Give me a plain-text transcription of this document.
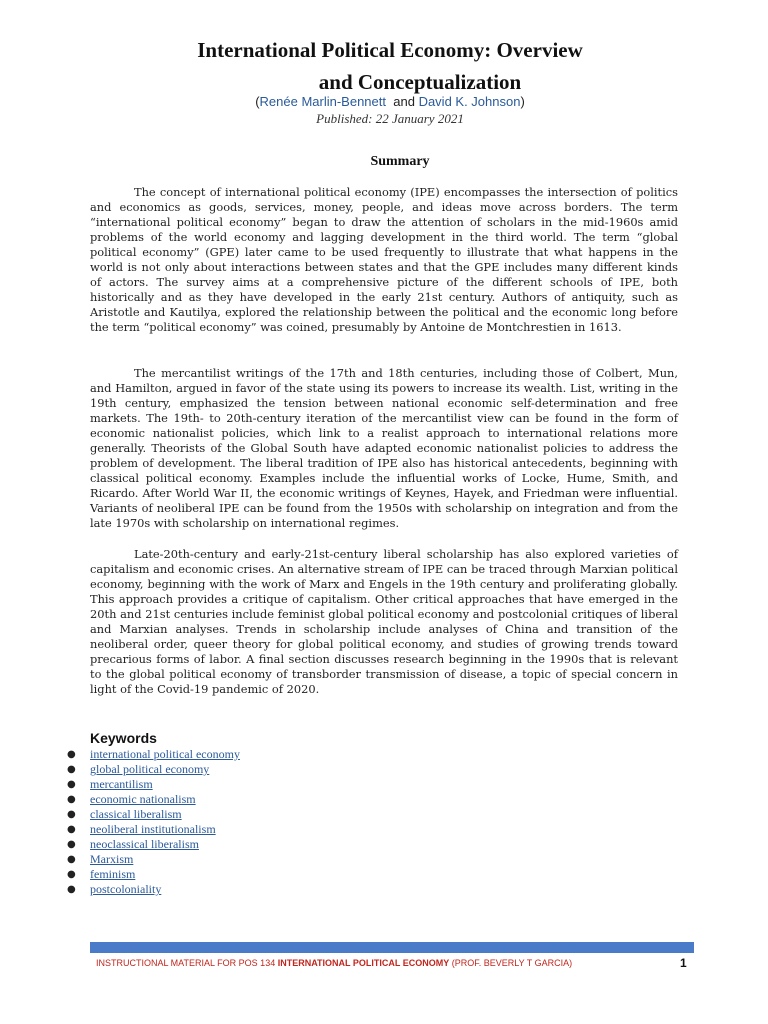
International Political Economy: Overview
and Conceptualization
(Renée Marlin-Bennett and David K. Johnson)
Published: 22 January 2021
Summary

The concept of international political economy (IPE) encompasses the intersection of politics and economics as goods, services, money, people, and ideas move across borders. The term “international political economy” began to draw the attention of scholars in the mid-1960s amid problems of the world economy and lagging development in the third world. The term “global political economy” (GPE) later came to be used frequently to illustrate that what happens in the world is not only about interactions between states and that the GPE includes many different kinds of actors. The survey aims at a comprehensive picture of the different schools of IPE, both historically and as they have developed in the early 21st century. Authors of antiquity, such as Aristotle and Kautilya, explored the relationship between the political and the economic long before the term “political economy” was coined, presumably by Antoine de Montchrestien in 1613.

The mercantilist writings of the 17th and 18th centuries, including those of Colbert, Mun, and Hamilton, argued in favor of the state using its powers to increase its wealth. List, writing in the 19th century, emphasized the tension between national economic self-determination and free markets. The 19th- to 20th-century iteration of the mercantilist view can be found in the form of economic nationalist policies, which link to a realist approach to international relations more generally. Theorists of the Global South have adapted economic nationalist policies to address the problem of development. The liberal tradition of IPE also has historical antecedents, beginning with classical political economy. Examples include the influential works of Locke, Hume, Smith, and Ricardo. After World War II, the economic writings of Keynes, Hayek, and Friedman were influential. Variants of neoliberal IPE can be found from the 1950s with scholarship on integration and from the late 1970s with scholarship on international regimes.

Late-20th-century and early-21st-century liberal scholarship has also explored varieties of capitalism and economic crises. An alternative stream of IPE can be traced through Marxian political economy, beginning with the work of Marx and Engels in the 19th century and proliferating globally. This approach provides a critique of capitalism. Other critical approaches that have emerged in the 20th and 21st centuries include feminist global political economy and postcolonial critiques of liberal and Marxian analyses. Trends in scholarship include analyses of China and transition of the neoliberal order, queer theory for global political economy, and studies of growing trends toward precarious forms of labor. A final section discusses research beginning in the 1990s that is relevant to the global political economy of transborder transmission of disease, a topic of special concern in light of the Covid-19 pandemic of 2020.

Keywords
● international political economy
● global political economy
● mercantilism
● economic nationalism
● classical liberalism
● neoliberal institutionalism
● neoclassical liberalism
● Marxism
● feminism
● postcoloniality
INSTRUCTIONAL MATERIAL FOR POS 134 INTERNATIONAL POLITICAL ECONOMY (PROF. BEVERLY T GARCIA)	1
